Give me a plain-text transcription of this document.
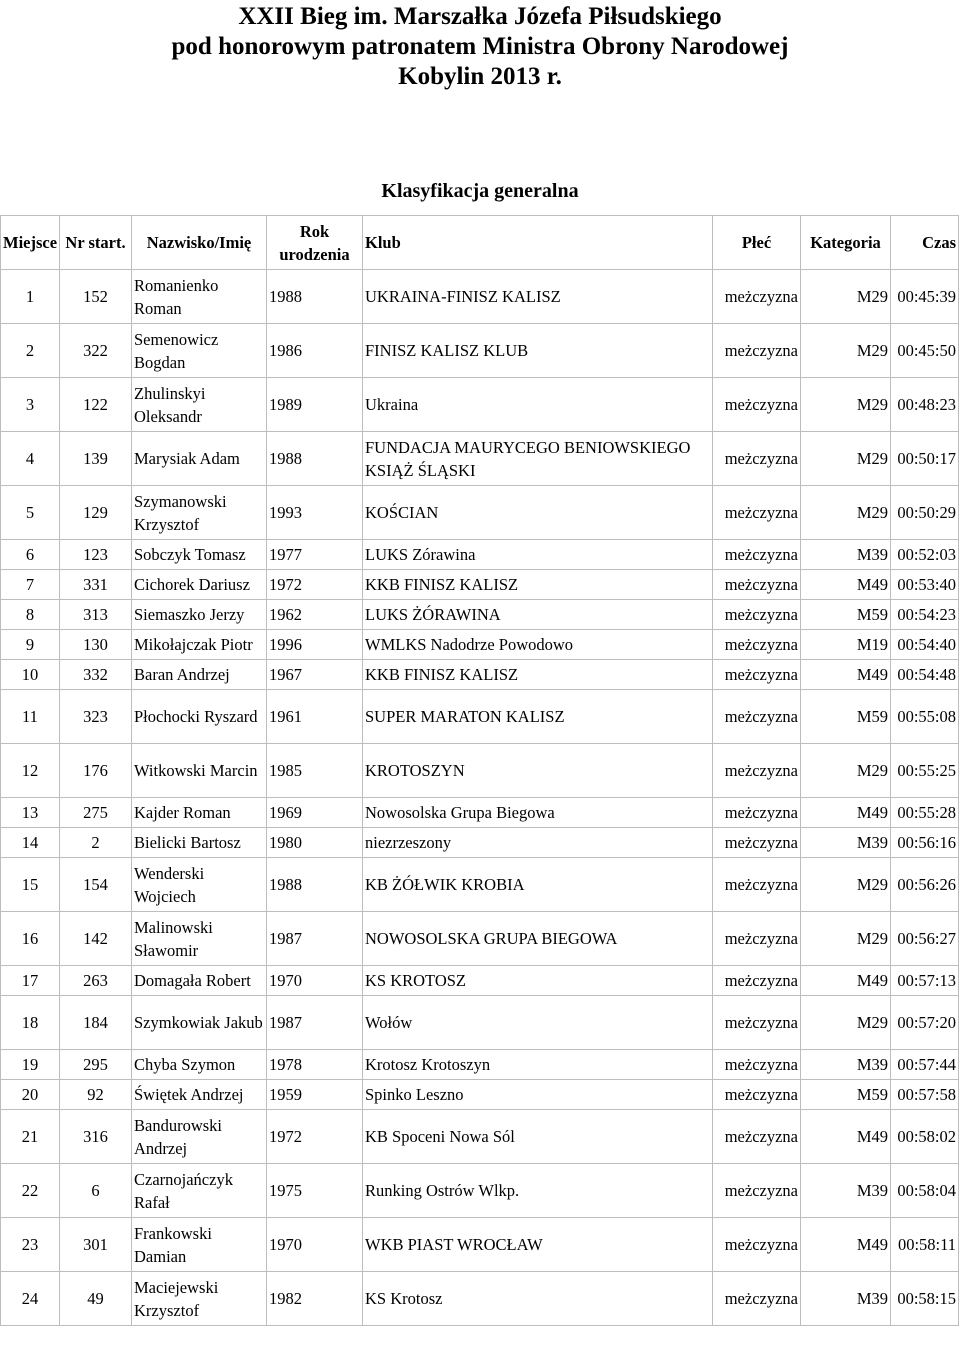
XXII Bieg im. Marszałka Józefa Piłsudskiego
pod honorowym patronatem Ministra Obrony Narodowej
Kobylin 2013 r.
Klasyfikacja generalna
Miejsce	Nr start.	Nazwisko/Imię	Rok urodzenia	Klub	Płeć	Kategoria	Czas
1	152	Romanienko Roman	1988	UKRAINA-FINISZ KALISZ	meżczyzna	M29	00:45:39
2	322	Semenowicz Bogdan	1986	FINISZ KALISZ KLUB	meżczyzna	M29	00:45:50
3	122	Zhulinskyi Oleksandr	1989	Ukraina	meżczyzna	M29	00:48:23
4	139	Marysiak Adam	1988	FUNDACJA MAURYCEGO BENIOWSKIEGO KSIĄŻ ŚLĄSKI	meżczyzna	M29	00:50:17
5	129	Szymanowski Krzysztof	1993	KOŚCIAN	meżczyzna	M29	00:50:29
6	123	Sobczyk Tomasz	1977	LUKS Zórawina	meżczyzna	M39	00:52:03
7	331	Cichorek Dariusz	1972	KKB FINISZ KALISZ	meżczyzna	M49	00:53:40
8	313	Siemaszko Jerzy	1962	LUKS ŻÓRAWINA	meżczyzna	M59	00:54:23
9	130	Mikołajczak Piotr	1996	WMLKS Nadodrze Powodowo	meżczyzna	M19	00:54:40
10	332	Baran Andrzej	1967	KKB FINISZ KALISZ	meżczyzna	M49	00:54:48
11	323	Płochocki Ryszard	1961	SUPER MARATON KALISZ	meżczyzna	M59	00:55:08
12	176	Witkowski Marcin	1985	KROTOSZYN	meżczyzna	M29	00:55:25
13	275	Kajder Roman	1969	Nowosolska Grupa Biegowa	meżczyzna	M49	00:55:28
14	2	Bielicki Bartosz	1980	niezrzeszony	meżczyzna	M39	00:56:16
15	154	Wenderski Wojciech	1988	KB ŻÓŁWIK KROBIA	meżczyzna	M29	00:56:26
16	142	Malinowski Sławomir	1987	NOWOSOLSKA GRUPA BIEGOWA	meżczyzna	M29	00:56:27
17	263	Domagała Robert	1970	KS KROTOSZ	meżczyzna	M49	00:57:13
18	184	Szymkowiak Jakub	1987	Wołów	meżczyzna	M29	00:57:20
19	295	Chyba Szymon	1978	Krotosz Krotoszyn	meżczyzna	M39	00:57:44
20	92	Świętek Andrzej	1959	Spinko Leszno	meżczyzna	M59	00:57:58
21	316	Bandurowski Andrzej	1972	KB Spoceni Nowa Sól	meżczyzna	M49	00:58:02
22	6	Czarnojańczyk Rafał	1975	Runking Ostrów Wlkp.	meżczyzna	M39	00:58:04
23	301	Frankowski Damian	1970	WKB PIAST WROCŁAW	meżczyzna	M49	00:58:11
24	49	Maciejewski Krzysztof	1982	KS Krotosz	meżczyzna	M39	00:58:15
